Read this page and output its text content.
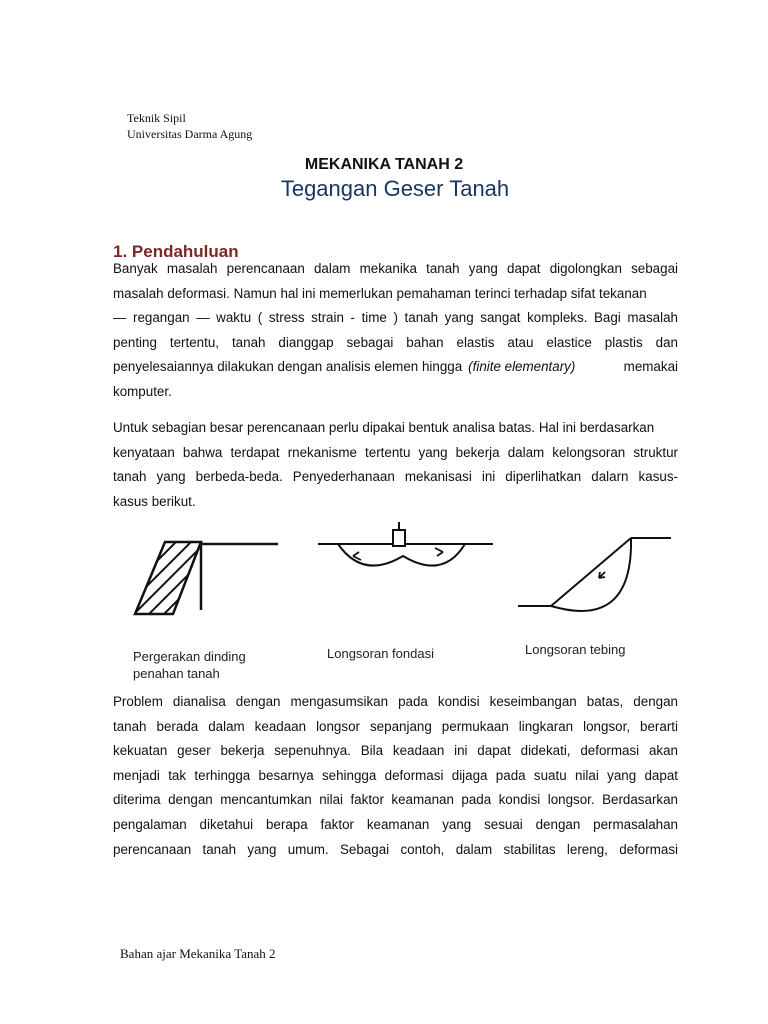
Teknik Sipil
Universitas Darma Agung
MEKANIKA TANAH 2
Tegangan Geser Tanah
1. Pendahuluan
Banyak masalah perencanaan dalam mekanika tanah yang dapat digolongkan sebagai
masalah deformasi. Namun hal ini memerlukan pemahaman terinci terhadap sifat tekanan
— regangan — waktu ( stress strain - time ) tanah yang sangat kompleks. Bagi masalah
penting tertentu, tanah dianggap sebagai bahan elastis atau elastice plastis dan
penyelesaiannya dilakukan dengan analisis elemen hingga (finite elementary)	memakai
komputer.
Untuk sebagian besar perencanaan perlu dipakai bentuk analisa batas. Hal ini berdasarkan
kenyataan bahwa terdapat rnekanisme tertentu yang bekerja dalam kelongsoran struktur
tanah yang berbeda-beda. Penyederhanaan mekanisasi ini diperlihatkan dalarn kasus-
kasus berikut.
Pergerakan dinding
penahan tanah
Longsoran fondasi	Longsoran tebing
Problem dianalisa dengan mengasumsikan pada kondisi keseimbangan batas, dengan
tanah berada dalam keadaan longsor sepanjang permukaan lingkaran longsor, berarti
kekuatan geser bekerja sepenuhnya. Bila keadaan ini dapat didekati, deformasi akan
menjadi tak terhingga besarnya sehingga deformasi dijaga pada suatu nilai yang dapat
diterima dengan mencantumkan nilai faktor keamanan pada kondisi longsor. Berdasarkan
pengalaman diketahui berapa faktor keamanan yang sesuai dengan permasalahan
perencanaan tanah yang umum. Sebagai contoh, dalam stabilitas lereng, deformasi
Bahan ajar Mekanika Tanah 2
